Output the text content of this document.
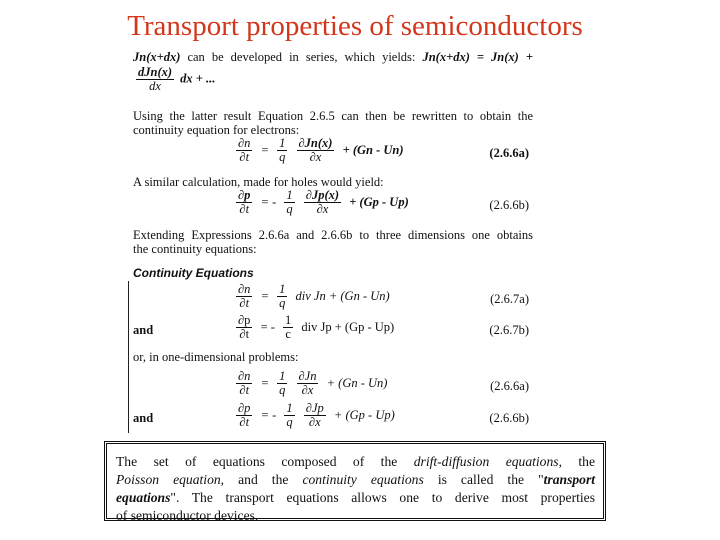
Transport properties of semiconductors
Jn(x+dx) can be developed in series, which yields: Jn(x+dx) = Jn(x) +
$\frac{\text{dJn(x)}}{dx}$ dx + ...
Using the latter result Equation 2.6.5 can then be rewritten to obtain the
continuity equation for electrons:
$\frac{\partial n}{\partial t} = \frac{1}{q}$
$\frac{\partial Jn(x)}{\partial x} + (Gn - Un)$	(2.6.6a)
A similar calculation, made for holes would yield:
$\frac{\partial p}{\partial t}$ = - $\frac{1}{q}$
$\frac{\partial Jp(x)}{\partial x} + (Gp - Up)$	(2.6.6b)
Extending Expressions 2.6.6a and 2.6.6b to three dimensions one obtains
the continuity equations:
Continuity Equations
$\frac{\partial n}{\partial t} = \frac{1}{q}$ div Jn + (Gn - Un)	(2.6.7a)
and	$\frac{\partial p}{\partial t}$ = - $\frac{1}{c}$ div Jp + (Gp - Up)	(2.6.7b)
or, in one-dimensional problems:
$\frac{\partial n}{\partial t} = \frac{1}{q}$
$\frac{\partial Jn}{\partial x} + (Gn - Un)$	(2.6.6a)
and	$\frac{\partial p}{\partial t}$ = - $\frac{1}{q}$
$\frac{\partial Jp}{\partial x} + (Gp - Up)$	(2.6.6b)
The set of equations composed of the drift-diffusion equations, the
Poisson equation, and the continuity equations is called the "transport
equations". The transport equations allows one to derive most properties
of semiconductor devices.
